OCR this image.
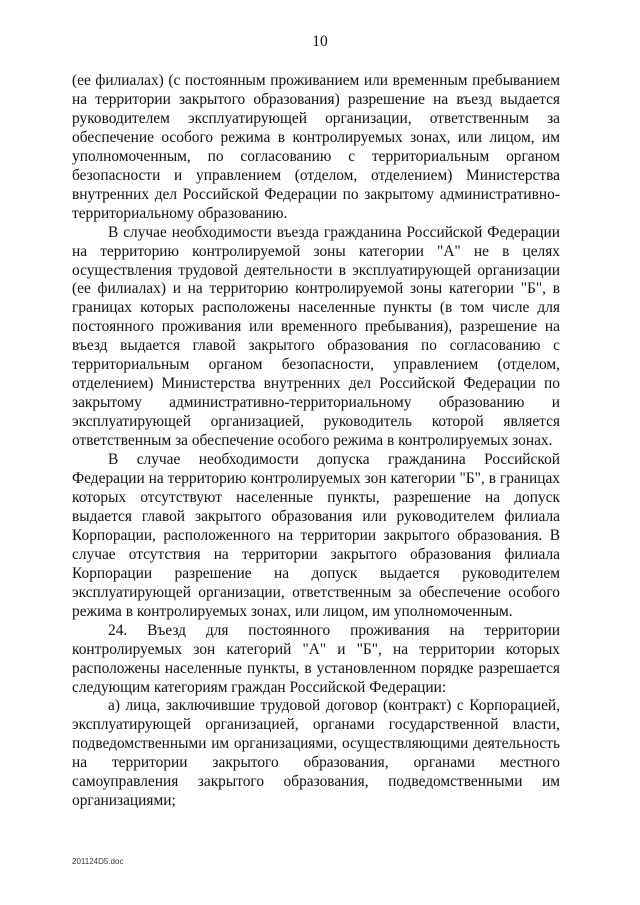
10

(ее филиалах) (с постоянным проживанием или временным пребыванием на территории закрытого образования) разрешение на въезд выдается руководителем эксплуатирующей организации, ответственным за обеспечение особого режима в контролируемых зонах, или лицом, им уполномоченным, по согласованию с территориальным органом безопасности и управлением (отделом, отделением) Министерства внутренних дел Российской Федерации по закрытому административно-территориальному образованию.

В случае необходимости въезда гражданина Российской Федерации на территорию контролируемой зоны категории "А" не в целях осуществления трудовой деятельности в эксплуатирующей организации (ее филиалах) и на территорию контролируемой зоны категории "Б", в границах которых расположены населенные пункты (в том числе для постоянного проживания или временного пребывания), разрешение на въезд выдается главой закрытого образования по согласованию с территориальным органом безопасности, управлением (отделом, отделением) Министерства внутренних дел Российской Федерации по закрытому административно-территориальному образованию и эксплуатирующей организацией, руководитель которой является ответственным за обеспечение особого режима в контролируемых зонах.

В случае необходимости допуска гражданина Российской Федерации на территорию контролируемых зон категории "Б", в границах которых отсутствуют населенные пункты, разрешение на допуск выдается главой закрытого образования или руководителем филиала Корпорации, расположенного на территории закрытого образования. В случае отсутствия на территории закрытого образования филиала Корпорации разрешение на допуск выдается руководителем эксплуатирующей организации, ответственным за обеспечение особого режима в контролируемых зонах, или лицом, им уполномоченным.

24. Въезд для постоянного проживания на территории контролируемых зон категорий "А" и "Б", на территории которых расположены населенные пункты, в установленном порядке разрешается следующим категориям граждан Российской Федерации:

а) лица, заключившие трудовой договор (контракт) с Корпорацией, эксплуатирующей организацией, органами государственной власти, подведомственными им организациями, осуществляющими деятельность на территории закрытого образования, органами местного самоуправления закрытого образования, подведомственными им организациями;

201124D5.doc
